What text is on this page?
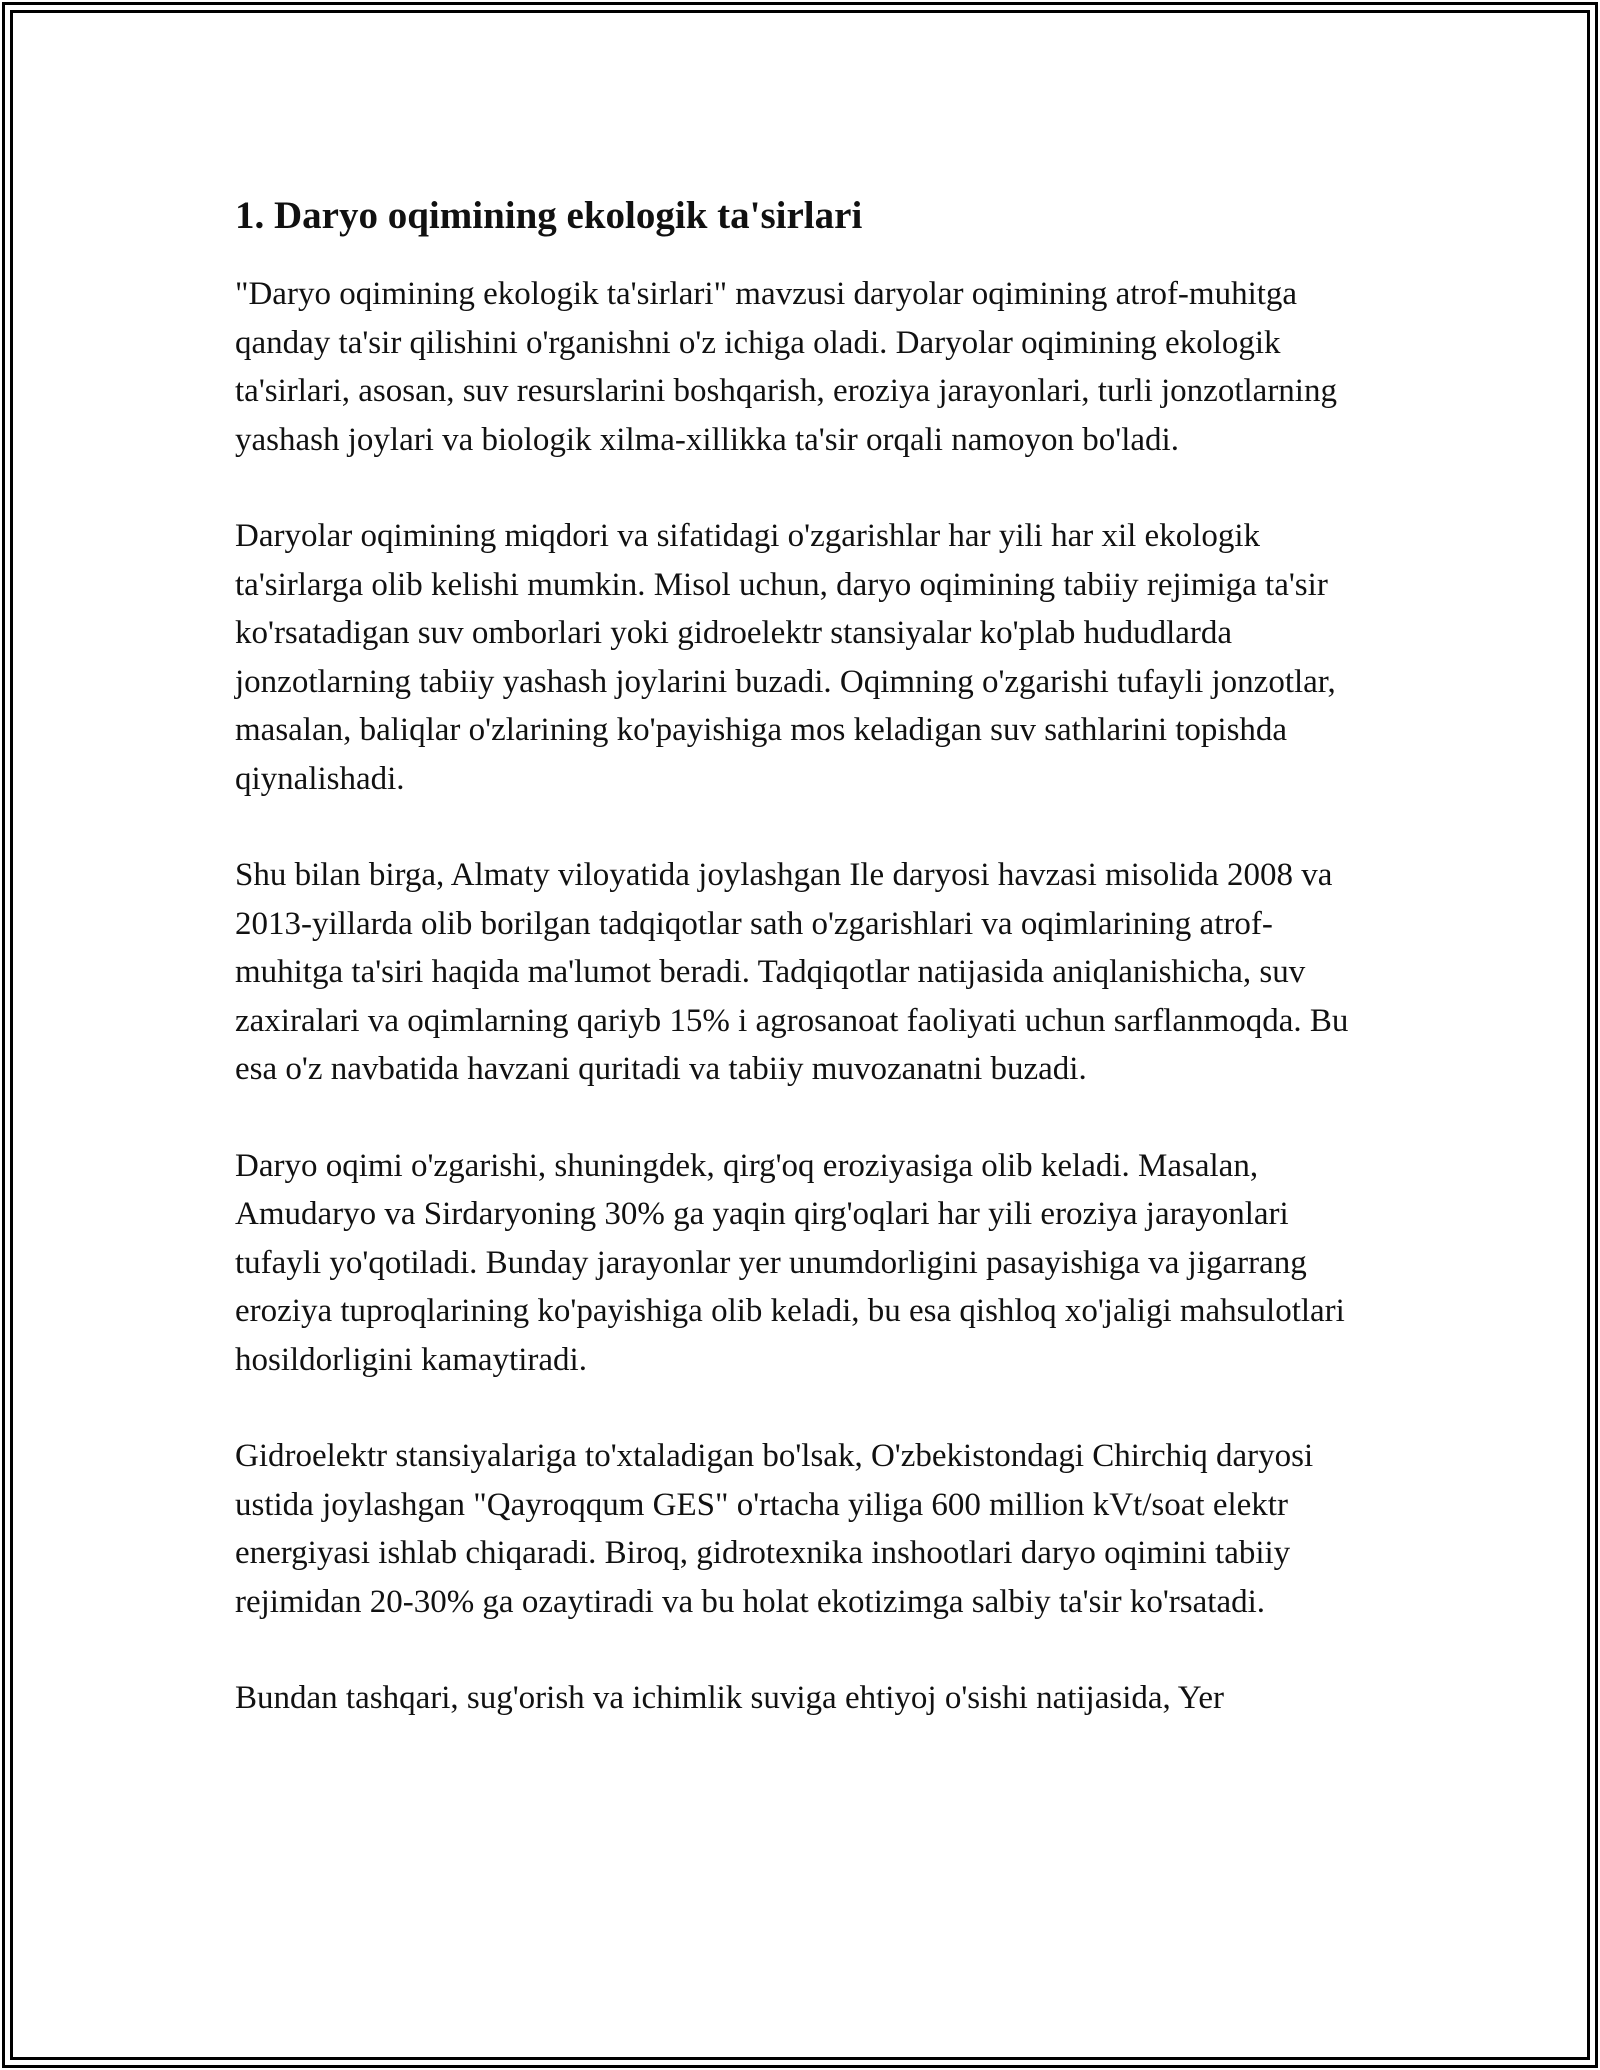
1. Daryo oqimining ekologik ta'sirlari

"Daryo oqimining ekologik ta'sirlari" mavzusi daryolar oqimining atrof-muhitga qanday ta'sir qilishini o'rganishni o'z ichiga oladi. Daryolar oqimining ekologik ta'sirlari, asosan, suv resurslarini boshqarish, eroziya jarayonlari, turli jonzotlarning yashash joylari va biologik xilma-xillikka ta'sir orqali namoyon bo'ladi.

Daryolar oqimining miqdori va sifatidagi o'zgarishlar har yili har xil ekologik ta'sirlarga olib kelishi mumkin. Misol uchun, daryo oqimining tabiiy rejimiga ta'sir ko'rsatadigan suv omborlari yoki gidroelektr stansiyalar ko'plab hududlarda jonzotlarning tabiiy yashash joylarini buzadi. Oqimning o'zgarishi tufayli jonzotlar, masalan, baliqlar o'zlarining ko'payishiga mos keladigan suv sathlarini topishda qiynalishadi.

Shu bilan birga, Almaty viloyatida joylashgan Ile daryosi havzasi misolida 2008 va 2013-yillarda olib borilgan tadqiqotlar sath o'zgarishlari va oqimlarining atrof-muhitga ta'siri haqida ma'lumot beradi. Tadqiqotlar natijasida aniqlanishicha, suv zaxiralari va oqimlarning qariyb 15% i agrosanoat faoliyati uchun sarflanmoqda. Bu esa o'z navbatida havzani quritadi va tabiiy muvozanatni buzadi.

Daryo oqimi o'zgarishi, shuningdek, qirg'oq eroziyasiga olib keladi. Masalan, Amudaryo va Sirdaryoning 30% ga yaqin qirg'oqlari har yili eroziya jarayonlari tufayli yo'qotiladi. Bunday jarayonlar yer unumdorligini pasayishiga va jigarrang eroziya tuproqlarining ko'payishiga olib keladi, bu esa qishloq xo'jaligi mahsulotlari hosildorligini kamaytiradi.

Gidroelektr stansiyalariga to'xtaladigan bo'lsak, O'zbekistondagi Chirchiq daryosi ustida joylashgan "Qayroqqum GES" o'rtacha yiliga 600 million kVt/soat elektr energiyasi ishlab chiqaradi. Biroq, gidrotexnika inshootlari daryo oqimini tabiiy rejimidan 20-30% ga ozaytiradi va bu holat ekotizimga salbiy ta'sir ko'rsatadi.

Bundan tashqari, sug'orish va ichimlik suviga ehtiyoj o'sishi natijasida, Yer
